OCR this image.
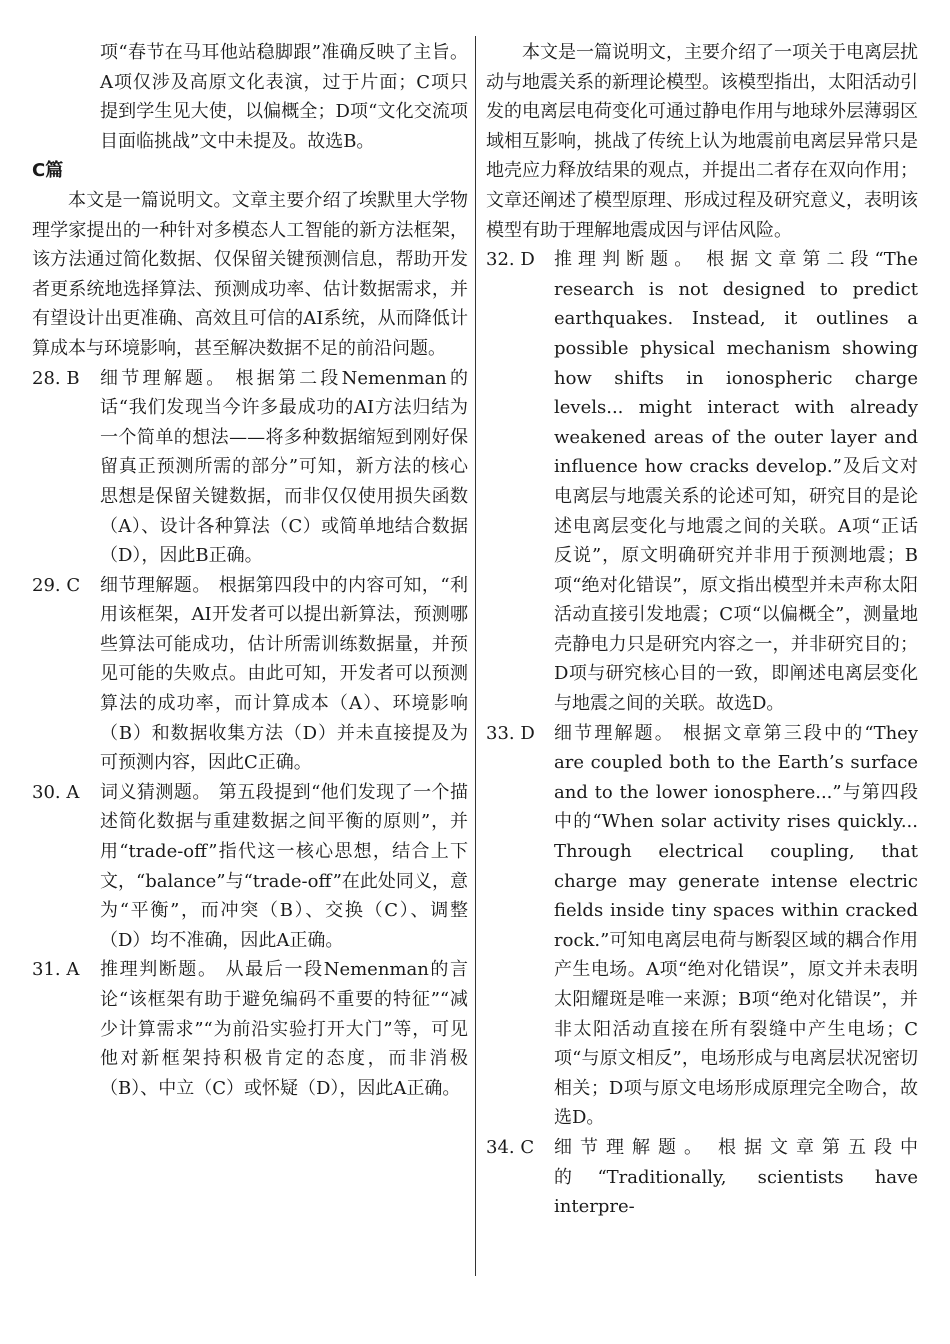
项“春节在马耳他站稳脚跟”准确反映了主旨。A项仅涉及高原文化表演，过于片面；C项只提到学生见大使，以偏概全；D项“文化交流项目面临挑战”文中未提及。故选B。

C篇

本文是一篇说明文。文章主要介绍了埃默里大学物理学家提出的一种针对多模态人工智能的新方法框架，该方法通过简化数据、仅保留关键预测信息，帮助开发者更系统地选择算法、预测成功率、估计数据需求，并有望设计出更准确、高效且可信的AI系统，从而降低计算成本与环境影响，甚至解决数据不足的前沿问题。

28. B	细节理解题。 根据第二段Nemenman的话“我们发现当今许多最成功的AI方法归结为一个简单的想法——将多种数据缩短到刚好保留真正预测所需的部分”可知，新方法的核心思想是保留关键数据，而非仅仅使用损失函数（A）、设计各种算法（C）或简单地结合数据（D），因此B正确。

29. C	细节理解题。 根据第四段中的内容可知，“利用该框架，AI开发者可以提出新算法，预测哪些算法可能成功，估计所需训练数据量，并预见可能的失败点。由此可知，开发者可以预测算法的成功率，而计算成本（A）、环境影响（B）和数据收集方法（D）并未直接提及为可预测内容，因此C正确。

30. A	词义猜测题。 第五段提到“他们发现了一个描述简化数据与重建数据之间平衡的原则”，并用“trade-off”指代这一核心思想，结合上下文，“balance”与“trade-off”在此处同义，意为“平衡”，而冲突（B）、交换（C）、调整（D）均不准确，因此A正确。

31. A	推理判断题。 从最后一段Nemenman的言论“该框架有助于避免编码不重要的特征”“减少计算需求”“为前沿实验打开大门”等，可见他对新框架持积极肯定的态度，而非消极（B）、中立（C）或怀疑（D），因此A正确。

本文是一篇说明文，主要介绍了一项关于电离层扰动与地震关系的新理论模型。该模型指出，太阳活动引发的电离层电荷变化可通过静电作用与地球外层薄弱区域相互影响，挑战了传统上认为地震前电离层异常只是地壳应力释放结果的观点，并提出二者存在双向作用；文章还阐述了模型原理、形成过程及研究意义，表明该模型有助于理解地震成因与评估风险。

32. D	推理判断题。 根据文章第二段“The research is not designed to predict earthquakes. Instead, it outlines a possible physical mechanism showing how shifts in ionospheric charge levels... might interact with already weakened areas of the outer layer and influence how cracks develop.”及后文对电离层与地震关系的论述可知，研究目的是论述电离层变化与地震之间的关联。A项“正话反说”，原文明确研究并非用于预测地震；B项“绝对化错误”，原文指出模型并未声称太阳活动直接引发地震；C项“以偏概全”，测量地壳静电力只是研究内容之一，并非研究目的；D项与研究核心目的一致，即阐述电离层变化与地震之间的关联。故选D。

33. D	细节理解题。 根据文章第三段中的“They are coupled both to the Earth’s surface and to the lower ionosphere...”与第四段中的“When solar activity rises quickly... Through electrical coupling, that charge may generate intense electric fields inside tiny spaces within cracked rock.”可知电离层电荷与断裂区域的耦合作用产生电场。A项“绝对化错误”，原文并未表明太阳耀斑是唯一来源；B项“绝对化错误”，并非太阳活动直接在所有裂缝中产生电场；C项“与原文相反”，电场形成与电离层状况密切相关；D项与原文电场形成原理完全吻合，故选D。

34. C	细节理解题。 根据文章第五段中的“Traditionally, scientists have interpre-
